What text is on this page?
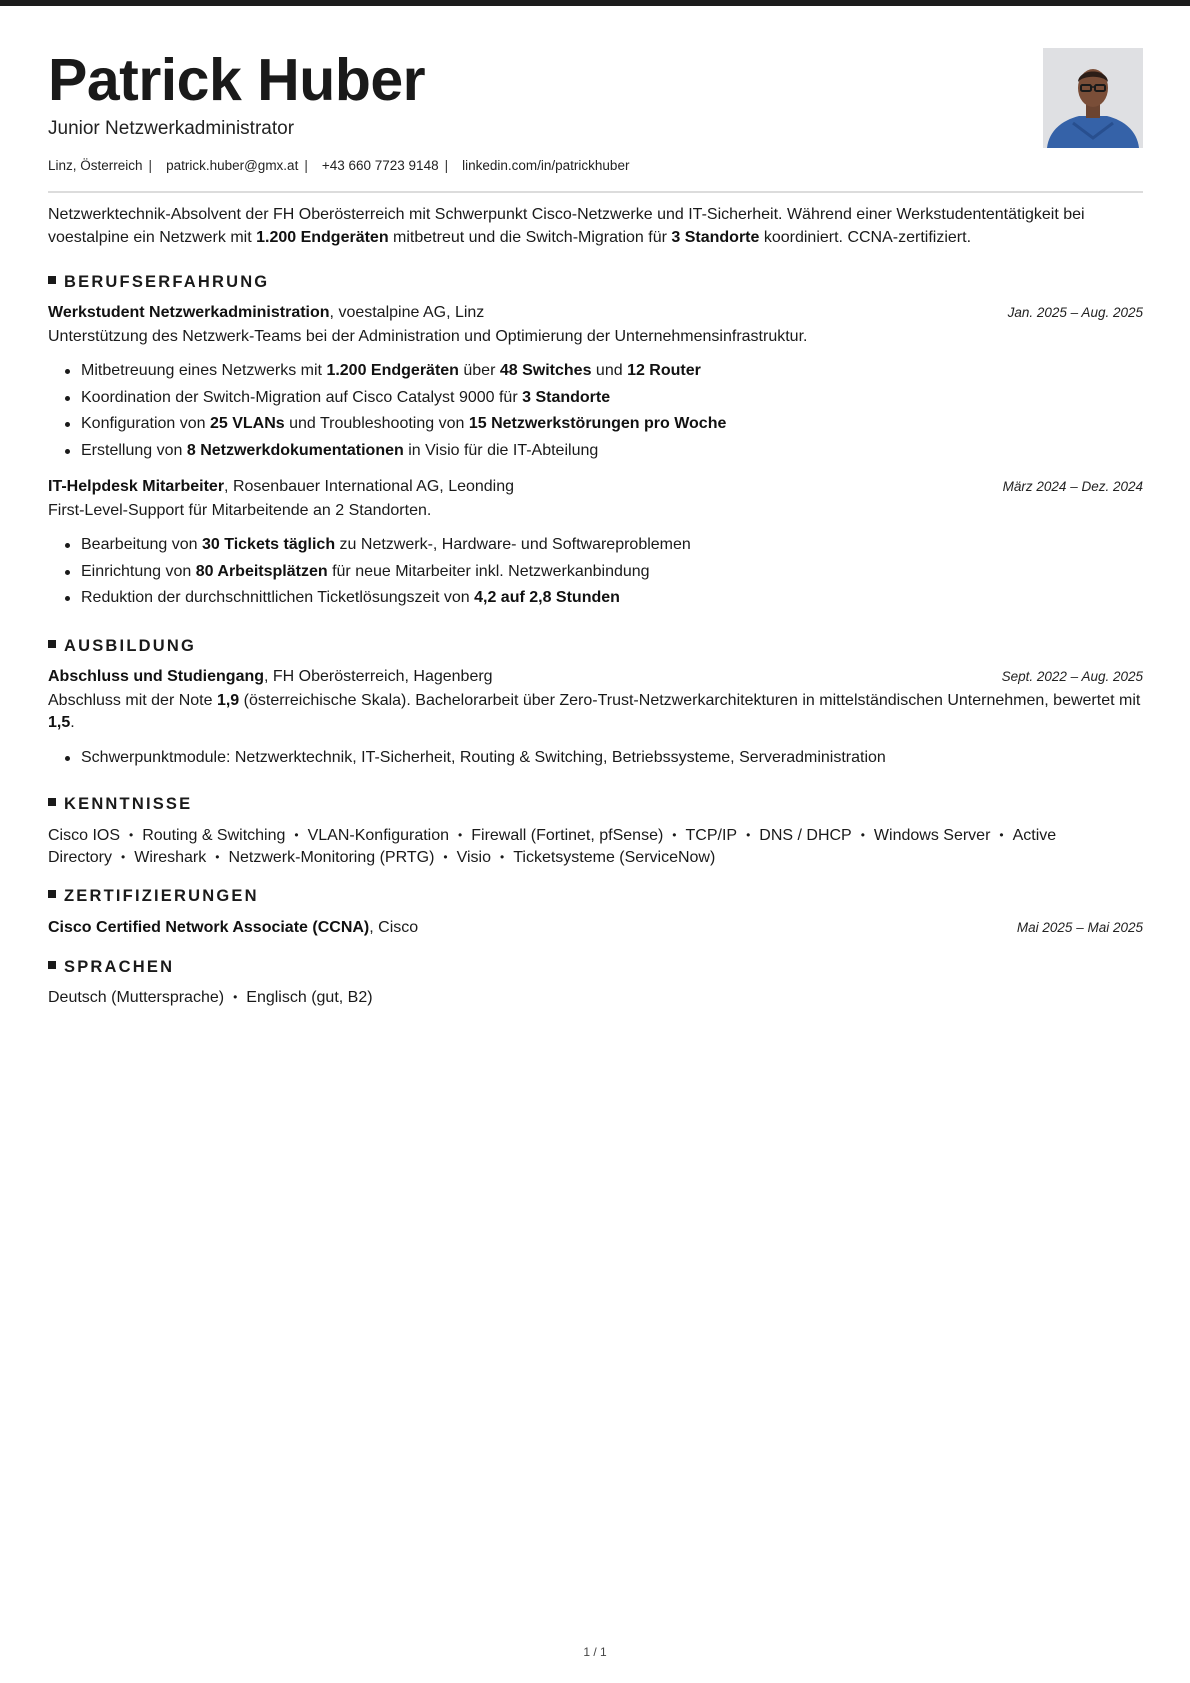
Patrick Huber
Junior Netzwerkadministrator
Linz, Österreich | patrick.huber@gmx.at | +43 660 7723 9148 | linkedin.com/in/patrickhuber
Netzwerktechnik-Absolvent der FH Oberösterreich mit Schwerpunkt Cisco-Netzwerke und IT-Sicherheit. Während einer Werkstudententätigkeit bei voestalpine ein Netzwerk mit 1.200 Endgeräten mitbetreut und die Switch-Migration für 3 Standorte koordiniert. CCNA-zertifiziert.
BERUFSERFAHRUNG
Werkstudent Netzwerkadministration, voestalpine AG, Linz	Jan. 2025 – Aug. 2025
Unterstützung des Netzwerk-Teams bei der Administration und Optimierung der Unternehmensinfrastruktur.
Mitbetreuung eines Netzwerks mit 1.200 Endgeräten über 48 Switches und 12 Router
Koordination der Switch-Migration auf Cisco Catalyst 9000 für 3 Standorte
Konfiguration von 25 VLANs und Troubleshooting von 15 Netzwerkstörungen pro Woche
Erstellung von 8 Netzwerkdokumentationen in Visio für die IT-Abteilung
IT-Helpdesk Mitarbeiter, Rosenbauer International AG, Leonding	März 2024 – Dez. 2024
First-Level-Support für Mitarbeitende an 2 Standorten.
Bearbeitung von 30 Tickets täglich zu Netzwerk-, Hardware- und Softwareproblemen
Einrichtung von 80 Arbeitsplätzen für neue Mitarbeiter inkl. Netzwerkanbindung
Reduktion der durchschnittlichen Ticketlösungszeit von 4,2 auf 2,8 Stunden
AUSBILDUNG
Abschluss und Studiengang, FH Oberösterreich, Hagenberg	Sept. 2022 – Aug. 2025
Abschluss mit der Note 1,9 (österreichische Skala). Bachelorarbeit über Zero-Trust-Netzwerkarchitekturen in mittelständischen Unternehmen, bewertet mit 1,5.
Schwerpunktmodule: Netzwerktechnik, IT-Sicherheit, Routing & Switching, Betriebssysteme, Serveradministration
KENNTNISSE
Cisco IOS • Routing & Switching • VLAN-Konfiguration • Firewall (Fortinet, pfSense) • TCP/IP • DNS / DHCP • Windows Server • Active
Directory • Wireshark • Netzwerk-Monitoring (PRTG) • Visio • Ticketsysteme (ServiceNow)
ZERTIFIZIERUNGEN
Cisco Certified Network Associate (CCNA), Cisco	Mai 2025 – Mai 2025
SPRACHEN
Deutsch (Muttersprache) • Englisch (gut, B2)
1 / 1
